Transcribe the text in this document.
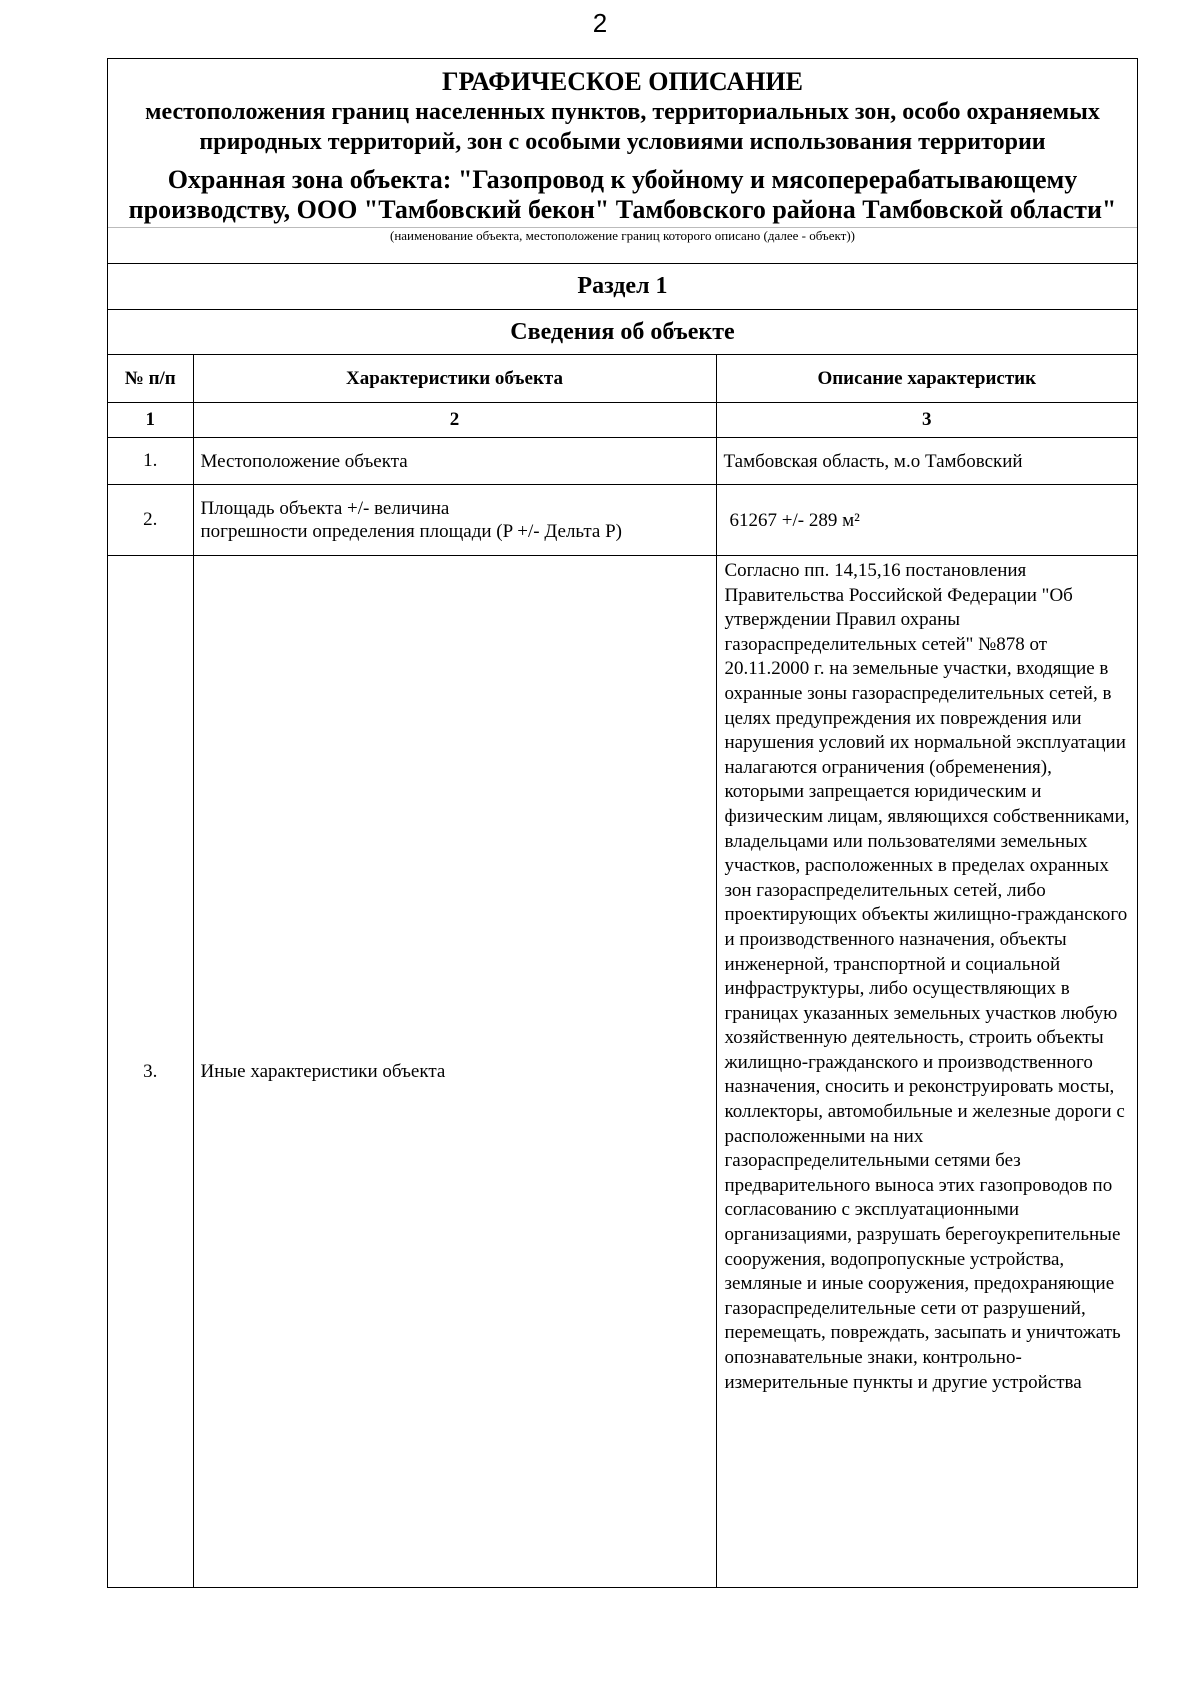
2
ГРАФИЧЕСКОЕ ОПИСАНИЕ
местоположения границ населенных пунктов, территориальных зон, особо охраняемых природных территорий, зон с особыми условиями использования территории
Охранная зона объекта: "Газопровод к убойному и мясоперерабатывающему производству, ООО "Тамбовский бекон" Тамбовского района Тамбовской области"
(наименование объекта, местоположение границ которого описано (далее - объект))
Раздел 1
Сведения об объекте
№ п/п	Характеристики объекта	Описание характеристик
1	2	3
1.	Местоположение объекта	Тамбовская область, м.о Тамбовский
2.	Площадь объекта +/- величина
погрешности определения площади (P +/- Дельта P)	61267 +/- 289 м²
3.	Иные характеристики объекта	Согласно пп. 14,15,16 постановления Правительства Российской Федерации "Об утверждении Правил охраны газораспределительных сетей" №878 от 20.11.2000 г. на земельные участки, входящие в охранные зоны газораспределительных сетей, в целях предупреждения их повреждения или нарушения условий их нормальной эксплуатации налагаются ограничения (обременения), которыми запрещается юридическим и физическим лицам, являющихся собственниками, владельцами или пользователями земельных участков, расположенных в пределах охранных зон газораспределительных сетей, либо проектирующих объекты жилищно-гражданского и производственного назначения, объекты инженерной, транспортной и социальной инфраструктуры, либо осуществляющих в границах указанных земельных участков любую хозяйственную деятельность, строить объекты жилищно-гражданского и производственного назначения, сносить и реконструировать мосты, коллекторы, автомобильные и железные дороги с расположенными на них газораспределительными сетями без предварительного выноса этих газопроводов по согласованию с эксплуатационными организациями, разрушать берегоукрепительные сооружения, водопропускные устройства, земляные и иные сооружения, предохраняющие газораспределительные сети от разрушений, перемещать, повреждать, засыпать и уничтожать опознавательные знаки, контрольно-измерительные пункты и другие устройства
